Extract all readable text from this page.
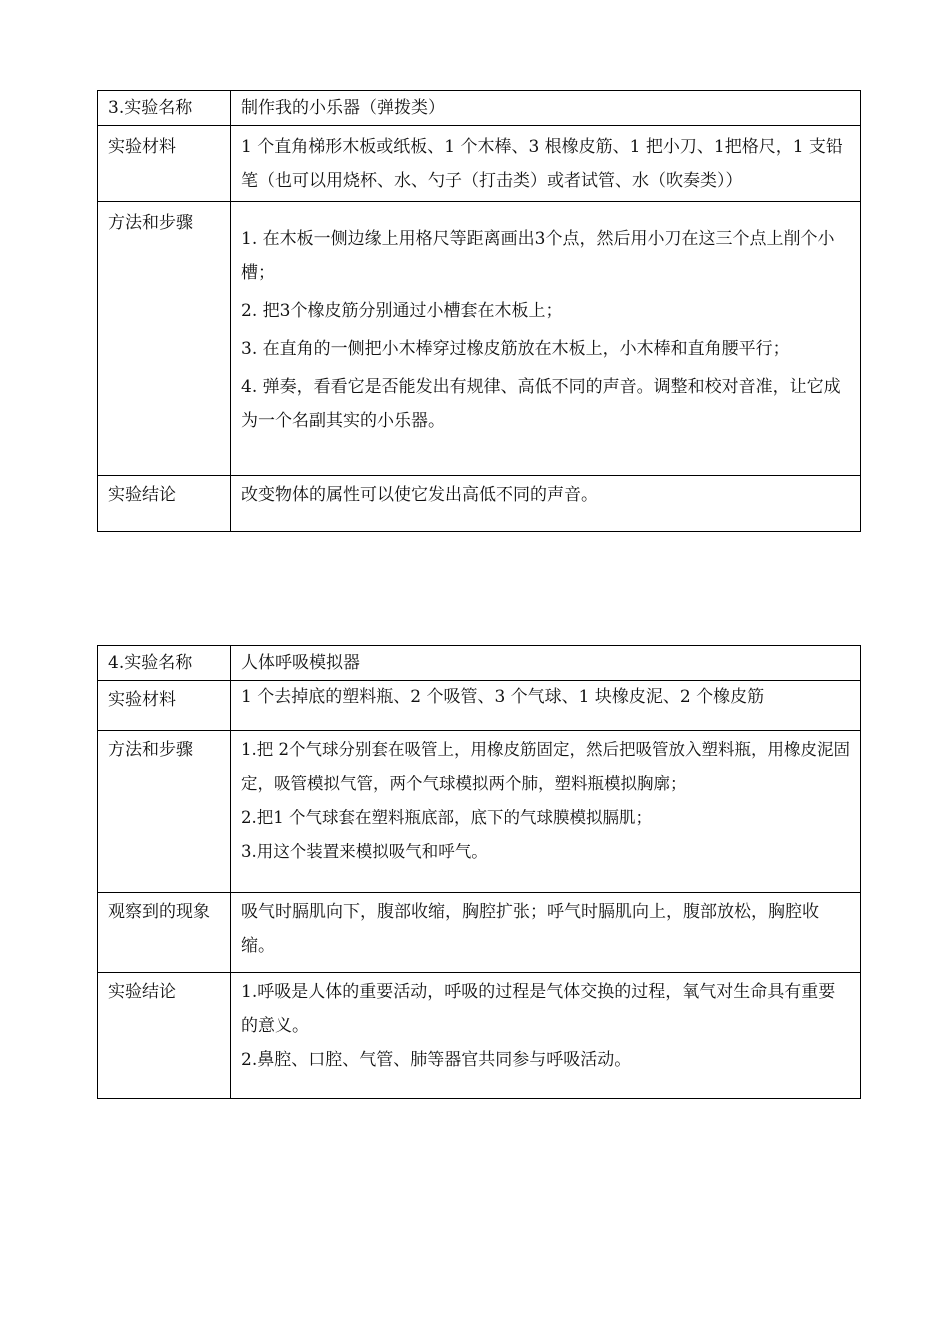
3.实验名称	制作我的小乐器（弹拨类）
实验材料	1 个直角梯形木板或纸板、1 个木棒、3 根橡皮筋、1 把小刀、1把格尺，1 支铅笔（也可以用烧杯、水、勺子（打击类）或者试管、水（吹奏类））
方法和步骤	1. 在木板一侧边缘上用格尺等距离画出3个点，然后用小刀在这三个点上削个小槽；

2. 把3个橡皮筋分别通过小槽套在木板上；

3. 在直角的一侧把小木棒穿过橡皮筋放在木板上，小木棒和直角腰平行；

4. 弹奏，看看它是否能发出有规律、高低不同的声音。调整和校对音准，让它成为一个名副其实的小乐器。

实验结论	改变物体的属性可以使它发出高低不同的声音。
4.实验名称	人体呼吸模拟器
实验材料	1 个去掉底的塑料瓶、2 个吸管、3 个气球、1 块橡皮泥、2 个橡皮筋
方法和步骤	1.把 2个气球分别套在吸管上，用橡皮筋固定，然后把吸管放入塑料瓶，用橡皮泥固定，吸管模拟气管，两个气球模拟两个肺，塑料瓶模拟胸廓；

2.把1 个气球套在塑料瓶底部，底下的气球膜模拟膈肌；

3.用这个装置来模拟吸气和呼气。

观察到的现象	吸气时膈肌向下，腹部收缩，胸腔扩张；呼气时膈肌向上，腹部放松，胸腔收缩。
实验结论	1.呼吸是人体的重要活动，呼吸的过程是气体交换的过程，氧气对生命具有重要的意义。

2.鼻腔、口腔、气管、肺等器官共同参与呼吸活动。
